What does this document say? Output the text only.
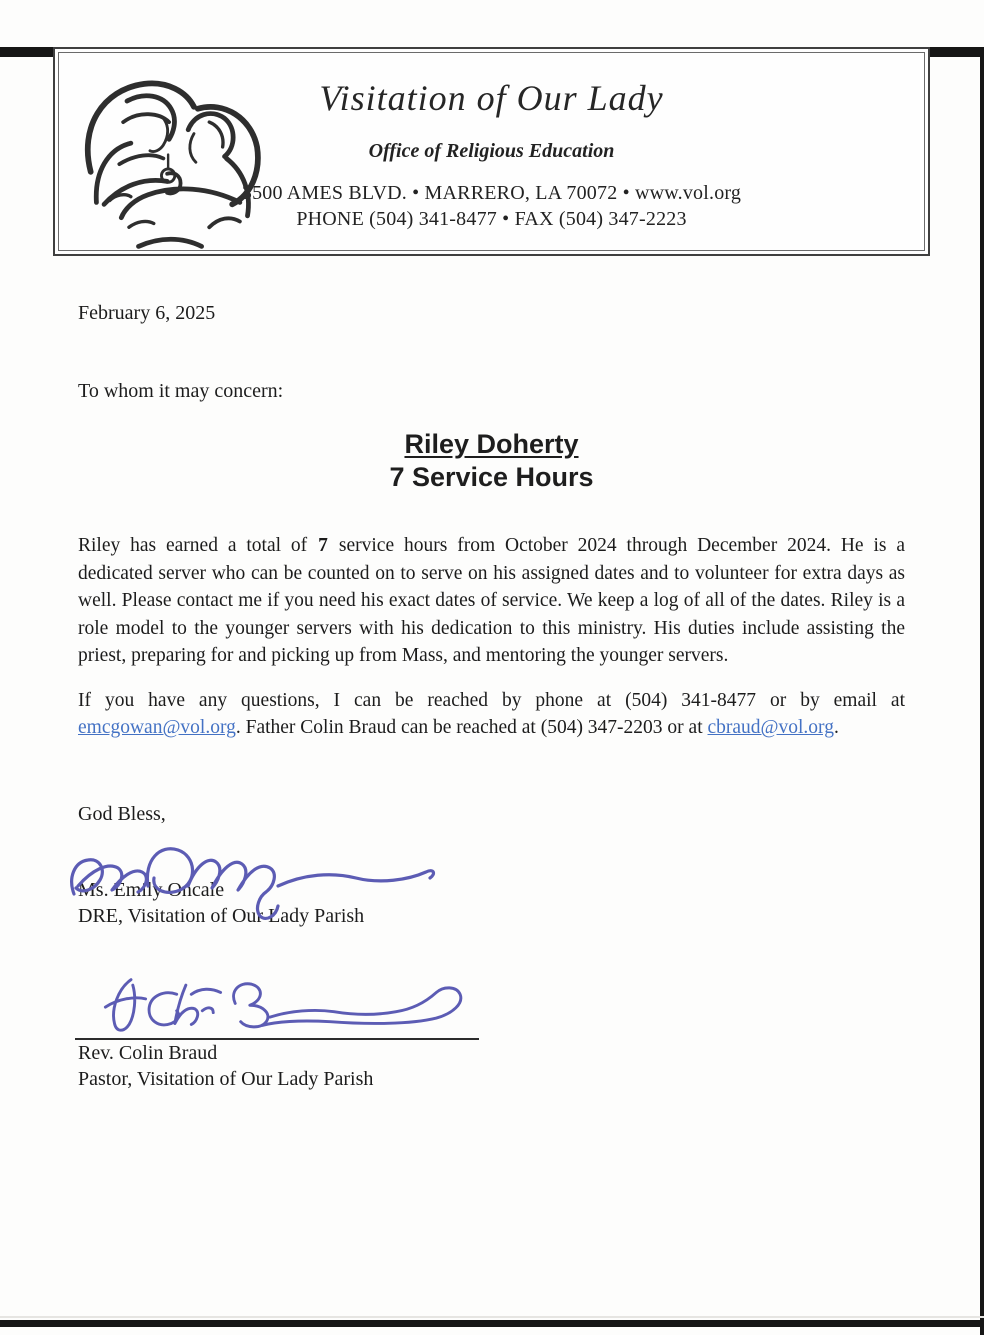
Visitation of Our Lady
Office of Religious Education
3500 AMES BLVD. • MARRERO, LA 70072 • www.vol.org
PHONE (504) 341-8477 • FAX (504) 347-2223
February 6, 2025
To whom it may concern:
Riley Doherty
7 Service Hours

Riley has earned a total of 7 service hours from October 2024 through December 2024. He is a dedicated server who can be counted on to serve on his assigned dates and to volunteer for extra days as well. Please contact me if you need his exact dates of service. We keep a log of all of the dates. Riley is a role model to the younger servers with his dedication to this ministry. His duties include assisting the priest, preparing for and picking up from Mass, and mentoring the younger servers.

If you have any questions, I can be reached by phone at (504) 341-8477 or by email at emcgowan@vol.org. Father Colin Braud can be reached at (504) 347-2203 or at cbraud@vol.org.

God Bless,
Ms. Emily Oncale
DRE, Visitation of Our Lady Parish
Rev. Colin Braud
Pastor, Visitation of Our Lady Parish
